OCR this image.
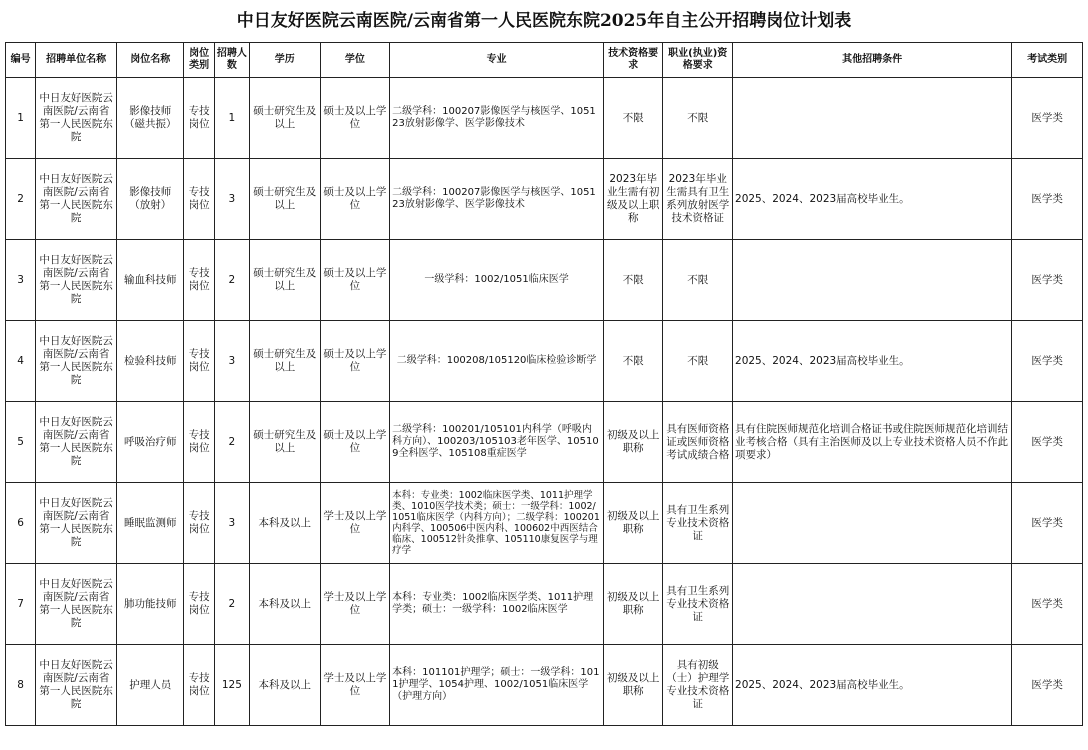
中日友好医院云南医院/云南省第一人民医院东院2025年自主公开招聘岗位计划表
编号	招聘单位名称	岗位名称	岗位类别	招聘人数	学历	学位	专业	技术资格要求	职业(执业)资格要求	其他招聘条件	考试类别
1	中日友好医院云南医院/云南省第一人民医院东院	影像技师（磁共振）	专技岗位	1	硕士研究生及以上	硕士及以上学位	二级学科：100207影像医学与核医学、105123放射影像学、医学影像技术	不限	不限		医学类
2	中日友好医院云南医院/云南省第一人民医院东院	影像技师（放射）	专技岗位	3	硕士研究生及以上	硕士及以上学位	二级学科：100207影像医学与核医学、105123放射影像学、医学影像技术	2023年毕业生需有初级及以上职称	2023年毕业生需具有卫生系列放射医学技术资格证	2025、2024、2023届高校毕业生。	医学类
3	中日友好医院云南医院/云南省第一人民医院东院	输血科技师	专技岗位	2	硕士研究生及以上	硕士及以上学位	一级学科：1002/1051临床医学	不限	不限		医学类
4	中日友好医院云南医院/云南省第一人民医院东院	检验科技师	专技岗位	3	硕士研究生及以上	硕士及以上学位	二级学科：100208/105120临床检验诊断学	不限	不限	2025、2024、2023届高校毕业生。	医学类
5	中日友好医院云南医院/云南省第一人民医院东院	呼吸治疗师	专技岗位	2	硕士研究生及以上	硕士及以上学位	二级学科：100201/105101内科学（呼吸内科方向）、100203/105103老年医学、105109全科医学、105108重症医学	初级及以上职称	具有医师资格证或医师资格考试成绩合格	具有住院医师规范化培训合格证书或住院医师规范化培训结业考核合格（具有主治医师及以上专业技术资格人员不作此项要求）	医学类
6	中日友好医院云南医院/云南省第一人民医院东院	睡眠监测师	专技岗位	3	本科及以上	学士及以上学位	本科：专业类：1002临床医学类、1011护理学类、1010医学技术类；硕士：一级学科：1002/1051临床医学（内科方向）；二级学科：100201内科学、100506中医内科、100602中西医结合临床、100512针灸推拿、105110康复医学与理疗学	初级及以上职称	具有卫生系列专业技术资格证		医学类
7	中日友好医院云南医院/云南省第一人民医院东院	肺功能技师	专技岗位	2	本科及以上	学士及以上学位	本科：专业类：1002临床医学类、1011护理学类；硕士：一级学科：1002临床医学	初级及以上职称	具有卫生系列专业技术资格证		医学类
8	中日友好医院云南医院/云南省第一人民医院东院	护理人员	专技岗位	125	本科及以上	学士及以上学位	本科：101101护理学；硕士：一级学科：1011护理学、1054护理、1002/1051临床医学（护理方向）	初级及以上职称	具有初级（士）护理学专业技术资格证	2025、2024、2023届高校毕业生。	医学类
